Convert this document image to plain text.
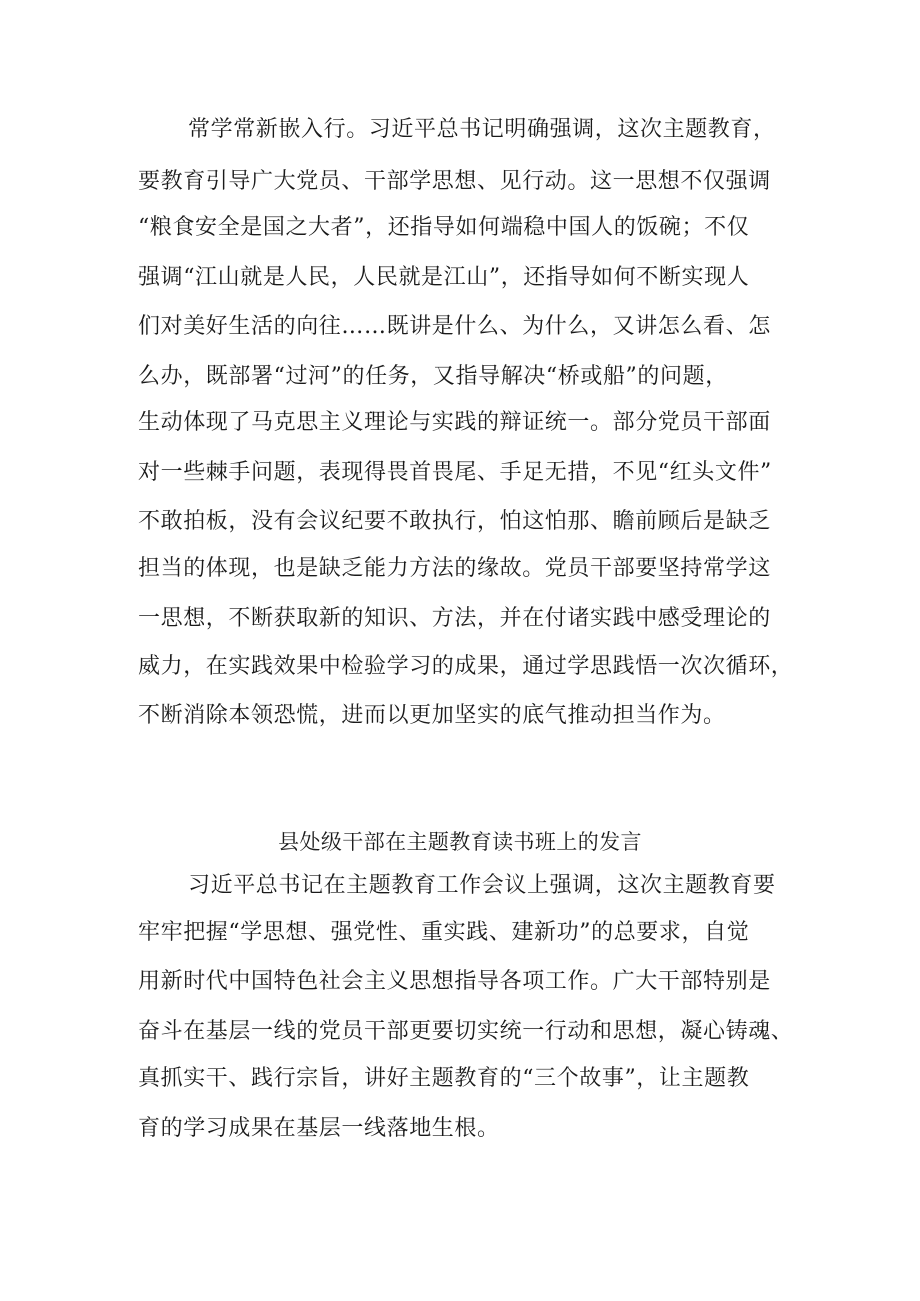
常学常新嵌入行。习近平总书记明确强调，这次主题教育，
要教育引导广大党员、干部学思想、见行动。这一思想不仅强调
“粮食安全是国之大者”，还指导如何端稳中国人的饭碗；不仅
强调“江山就是人民，人民就是江山”，还指导如何不断实现人
们对美好生活的向往……既讲是什么、为什么，又讲怎么看、怎
么办，既部署“过河”的任务，又指导解决“桥或船”的问题，
生动体现了马克思主义理论与实践的辩证统一。部分党员干部面
对一些棘手问题，表现得畏首畏尾、手足无措，不见“红头文件”
不敢拍板，没有会议纪要不敢执行，怕这怕那、瞻前顾后是缺乏
担当的体现，也是缺乏能力方法的缘故。党员干部要坚持常学这
一思想，不断获取新的知识、方法，并在付诸实践中感受理论的
威力，在实践效果中检验学习的成果，通过学思践悟一次次循环，
不断消除本领恐慌，进而以更加坚实的底气推动担当作为。
县处级干部在主题教育读书班上的发言
习近平总书记在主题教育工作会议上强调，这次主题教育要
牢牢把握“学思想、强党性、重实践、建新功”的总要求，自觉
用新时代中国特色社会主义思想指导各项工作。广大干部特别是
奋斗在基层一线的党员干部更要切实统一行动和思想，凝心铸魂、
真抓实干、践行宗旨，讲好主题教育的“三个故事”，让主题教
育的学习成果在基层一线落地生根。
